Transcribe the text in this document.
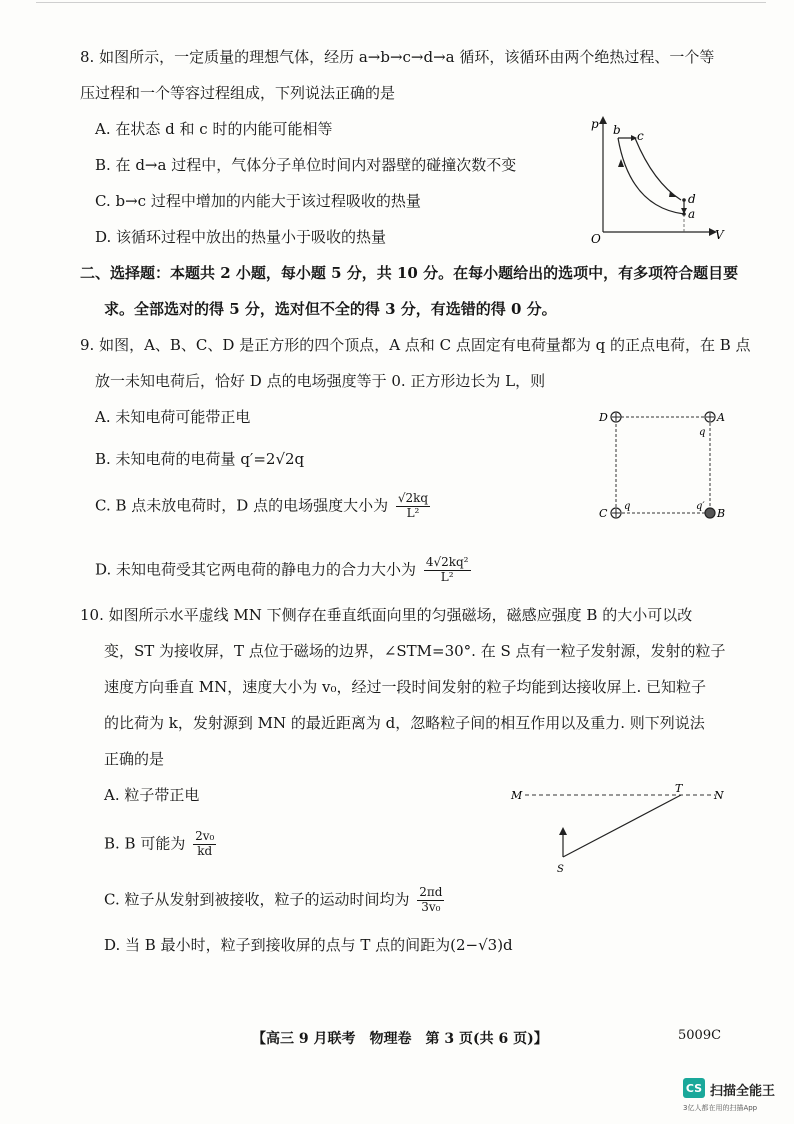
8. 如图所示，一定质量的理想气体，经历 a→b→c→d→a 循环，该循环由两个绝热过程、一个等
压过程和一个等容过程组成，下列说法正确的是
A. 在状态 d 和 c 时的内能可能相等
B. 在 d→a 过程中，气体分子单位时间内对器壁的碰撞次数不变
C. b→c 过程中增加的内能大于该过程吸收的热量
D. 该循环过程中放出的热量小于吸收的热量
p
V
O
b c
d
a
二、选择题：本题共 2 小题，每小题 5 分，共 10 分。在每小题给出的选项中，有多项符合题目要
求。全部选对的得 5 分，选对但不全的得 3 分，有选错的得 0 分。
9. 如图，A、B、C、D 是正方形的四个顶点，A 点和 C 点固定有电荷量都为 q 的正点电荷，在 B 点
放一未知电荷后，恰好 D 点的电场强度等于 0. 正方形边长为 L，则
A. 未知电荷可能带正电
B. 未知电荷的电荷量 q′=2√2q
C. B 点未放电荷时，D 点的电场强度大小为 $\frac{√2kq}{\text{L²}}$
D. 未知电荷受其它两电荷的静电力的合力大小为 $\frac{\text{4√2kq²}}{\text{L²}}$
D	A
C	B
q
q	q′
10. 如图所示水平虚线 MN 下侧存在垂直纸面向里的匀强磁场，磁感应强度 B 的大小可以改
变，ST 为接收屏，T 点位于磁场的边界，∠STM=30°. 在 S 点有一粒子发射源，发射的粒子
速度方向垂直 MN，速度大小为 v₀，经过一段时间发射的粒子均能到达接收屏上. 已知粒子
的比荷为 k，发射源到 MN 的最近距离为 d，忽略粒子间的相互作用以及重力. 则下列说法
正确的是
A. 粒子带正电
B. B 可能为 $\frac{\text{2v₀}}{kd}$
C. 粒子从发射到被接收，粒子的运动时间均为 $\frac{2\pi d}{\text{3v₀}}$
D. 当 B 最小时，粒子到接收屏的点与 T 点的间距为(2−√3)d
M	N
T
S
【高三 9 月联考　物理卷　第 3 页(共 6 页)】	5009C
CS 扫描全能王
3亿人都在用的扫描App
